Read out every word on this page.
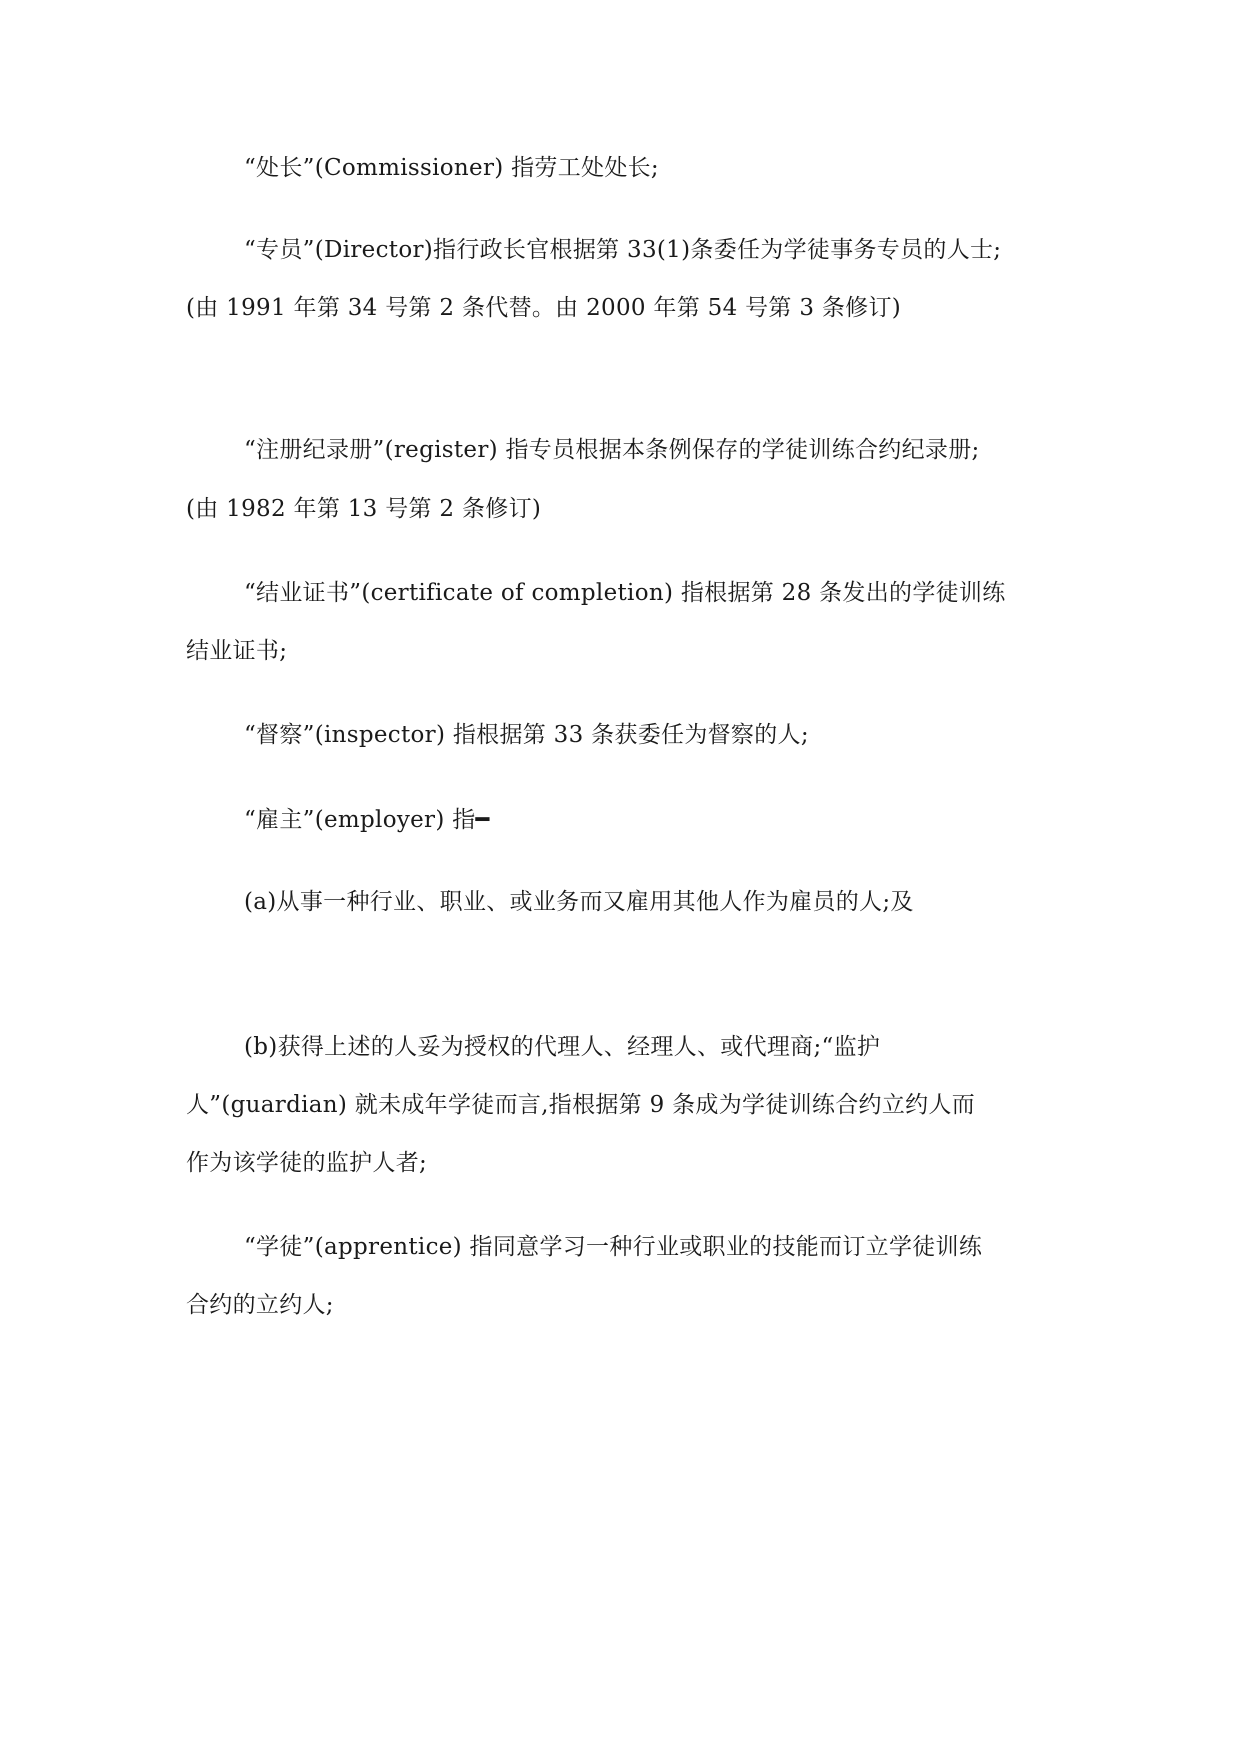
“处长”(Commissioner) 指劳工处处长;
“专员”(Director)指行政长官根据第 33(1)条委任为学徒事务专员的人士;
(由 1991 年第 34 号第 2 条代替。由 2000 年第 54 号第 3 条修订)
“注册纪录册”(register) 指专员根据本条例保存的学徒训练合约纪录册;
(由 1982 年第 13 号第 2 条修订)
“结业证书”(certificate of completion) 指根据第 28 条发出的学徒训练
结业证书;
“督察”(inspector) 指根据第 33 条获委任为督察的人;
“雇主”(employer) 指━
(a)从事一种行业、职业、或业务而又雇用其他人作为雇员的人;及
(b)获得上述的人妥为授权的代理人、经理人、或代理商;“监护
人”(guardian) 就未成年学徒而言,指根据第 9 条成为学徒训练合约立约人而
作为该学徒的监护人者;
“学徒”(apprentice) 指同意学习一种行业或职业的技能而订立学徒训练
合约的立约人;
